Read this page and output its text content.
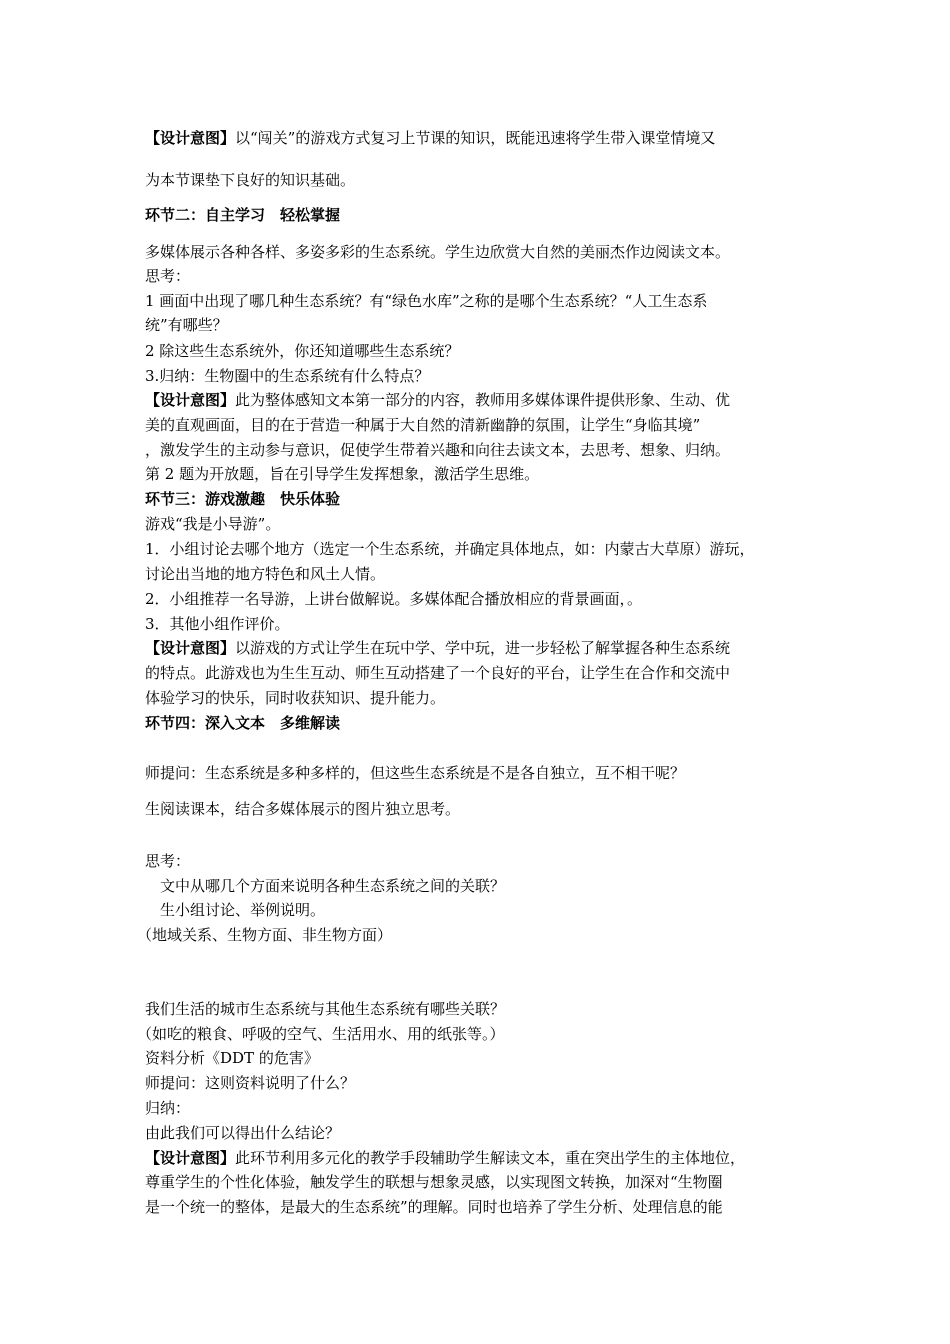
【设计意图】以“闯关”的游戏方式复习上节课的知识，既能迅速将学生带入课堂情境又
为本节课垫下良好的知识基础。
环节二：自主学习　轻松掌握
多媒体展示各种各样、多姿多彩的生态系统。学生边欣赏大自然的美丽杰作边阅读文本。
思考：
1 画面中出现了哪几种生态系统？有“绿色水库”之称的是哪个生态系统？“人工生态系
统”有哪些？
2 除这些生态系统外，你还知道哪些生态系统？
3.归纳：生物圈中的生态系统有什么特点？
【设计意图】此为整体感知文本第一部分的内容，教师用多媒体课件提供形象、生动、优
美的直观画面，目的在于营造一种属于大自然的清新幽静的氛围，让学生“身临其境”
，激发学生的主动参与意识，促使学生带着兴趣和向往去读文本，去思考、想象、归纳。
第 2 题为开放题，旨在引导学生发挥想象，激活学生思维。
环节三：游戏激趣　快乐体验
游戏“我是小导游”。
1．小组讨论去哪个地方（选定一个生态系统，并确定具体地点，如：内蒙古大草原）游玩，
讨论出当地的地方特色和风土人情。
2．小组推荐一名导游，上讲台做解说。多媒体配合播放相应的背景画面，。
3．其他小组作评价。
【设计意图】以游戏的方式让学生在玩中学、学中玩，进一步轻松了解掌握各种生态系统
的特点。此游戏也为生生互动、师生互动搭建了一个良好的平台，让学生在合作和交流中
体验学习的快乐，同时收获知识、提升能力。
环节四：深入文本　多维解读
师提问：生态系统是多种多样的，但这些生态系统是不是各自独立，互不相干呢？
生阅读课本，结合多媒体展示的图片独立思考。
思考：
文中从哪几个方面来说明各种生态系统之间的关联？
生小组讨论、举例说明。
（地域关系、生物方面、非生物方面）
我们生活的城市生态系统与其他生态系统有哪些关联？
（如吃的粮食、呼吸的空气、生活用水、用的纸张等。）
资料分析《DDT 的危害》
师提问：这则资料说明了什么？
归纳：
由此我们可以得出什么结论？
【设计意图】此环节利用多元化的教学手段辅助学生解读文本，重在突出学生的主体地位，
尊重学生的个性化体验，触发学生的联想与想象灵感，以实现图文转换，加深对“生物圈
是一个统一的整体，是最大的生态系统”的理解。同时也培养了学生分析、处理信息的能
